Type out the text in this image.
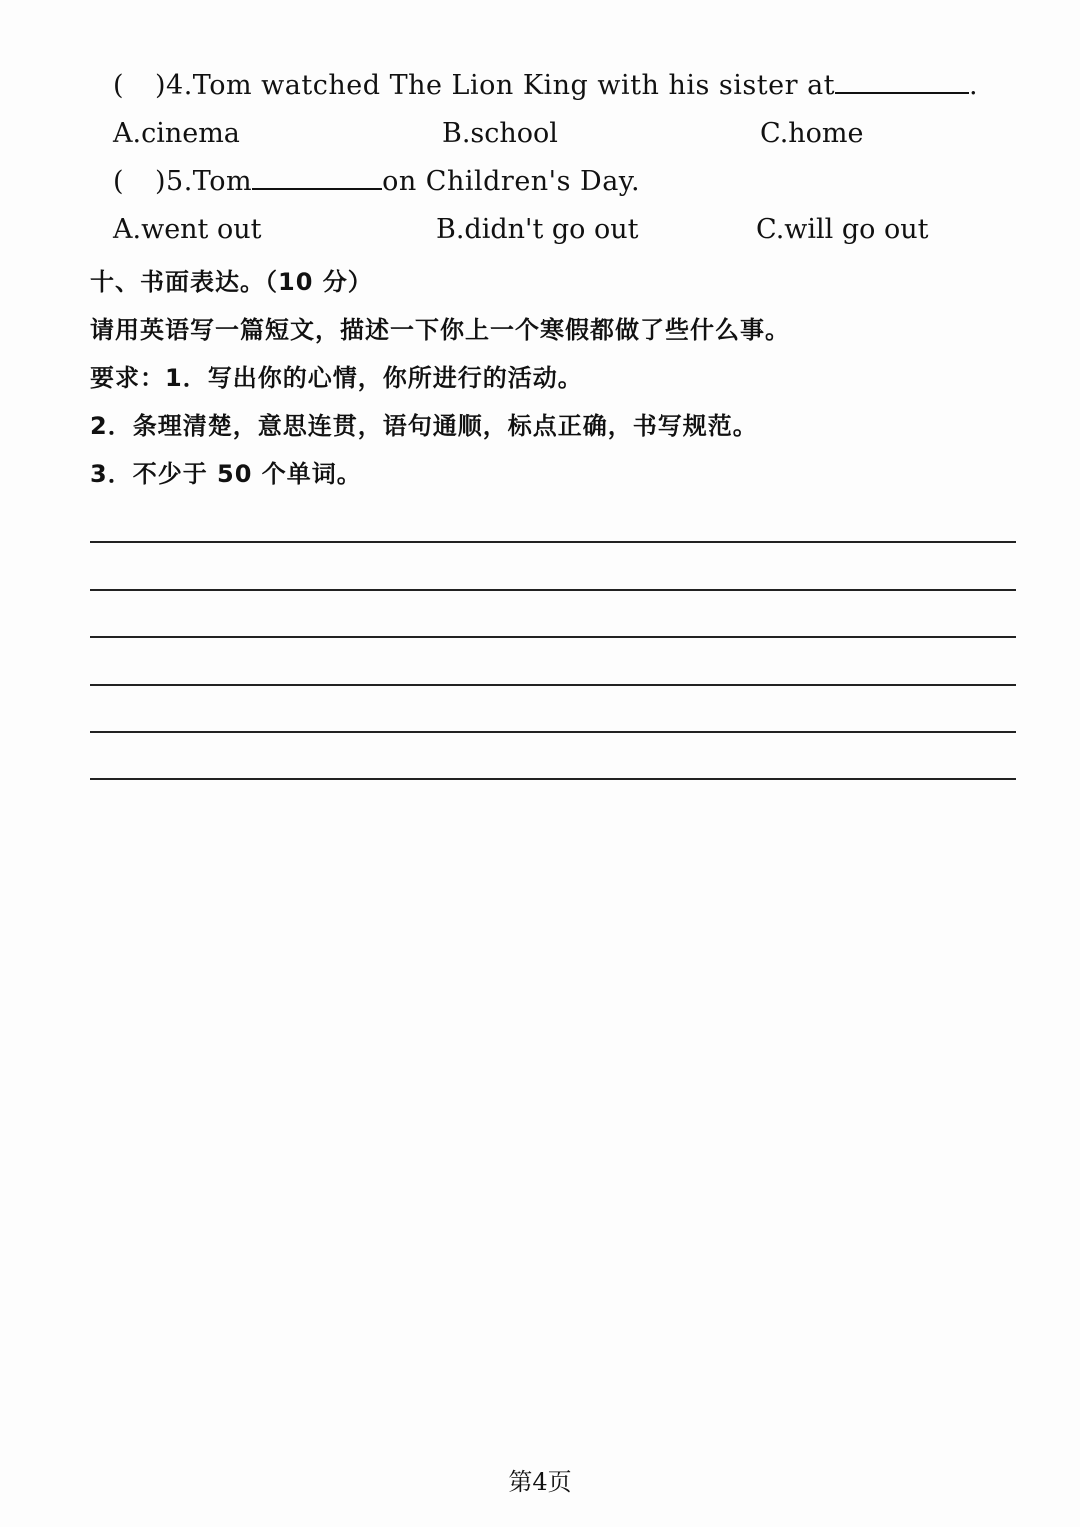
( )4.Tom watched The Lion King with his sister at	.
A.cinema	B.school	C.home
( )5.Tom	on Children's Day.
A.went out	B.didn't go out	C.will go out
十、书面表达。（10 分）
请用英语写一篇短文，描述一下你上一个寒假都做了些什么事。
要求：1．写出你的心情，你所进行的活动。
2．条理清楚，意思连贯，语句通顺，标点正确，书写规范。
3．不少于 50 个单词。
第4页
